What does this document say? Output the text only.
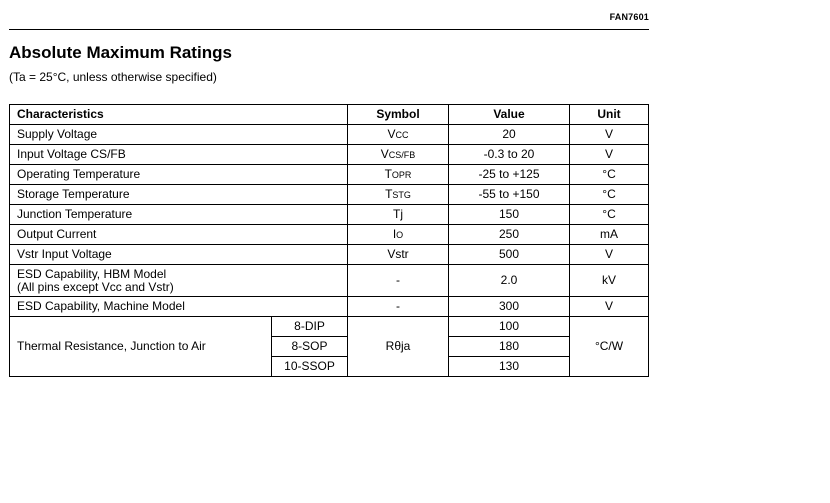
FAN7601
Absolute Maximum Ratings
(Ta = 25°C, unless otherwise specified)
Characteristics		Symbol	Value	Unit
Supply Voltage		VCC	20	V
Input Voltage CS/FB		VCS/FB	-0.3 to 20	V
Operating Temperature		TOPR	-25 to +125	°C
Storage Temperature		TSTG	-55 to +150	°C
Junction Temperature		Tj	150	°C
Output Current		IO	250	mA
Vstr Input Voltage		Vstr	500	V
ESD Capability, HBM Model
(All pins except Vcc and Vstr)		-	2.0	kV
ESD Capability, Machine Model		-	300	V
Thermal Resistance, Junction to Air	8-DIP	Rθja	100	°C/W
	8-SOP		180	
	10-SSOP		130	
